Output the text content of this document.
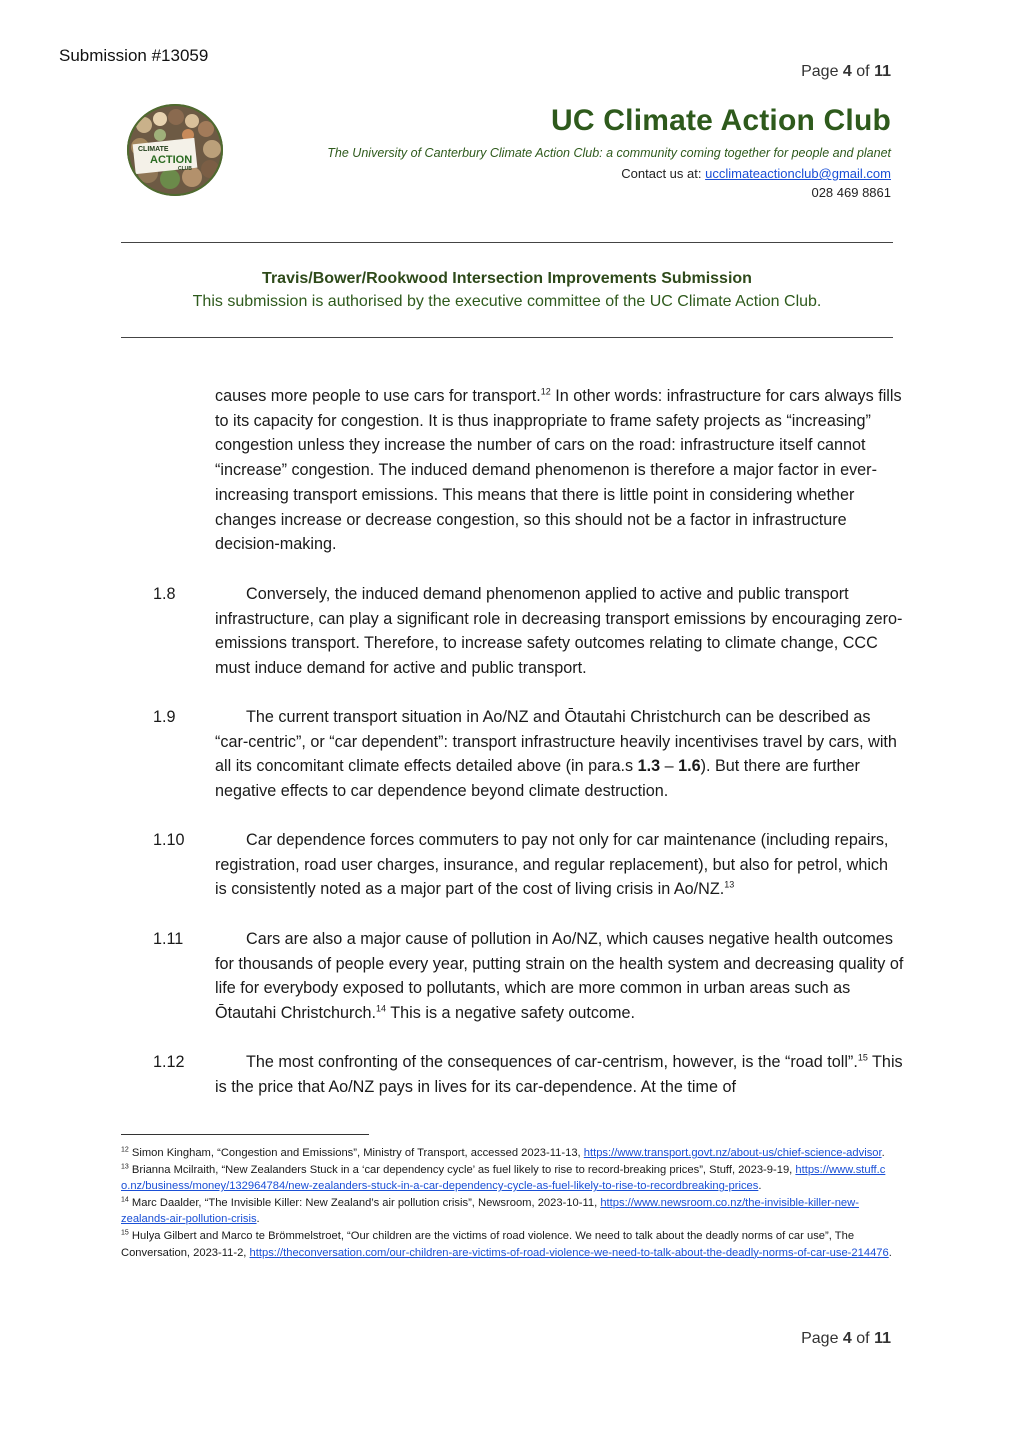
Submission #13059
Page 4 of 11
CLIMATE
ACTION
CLUB
UC Climate Action Club
The University of Canterbury Climate Action Club: a community coming together for people and planet
Contact us at: ucclimateactionclub@gmail.com
028 469 8861
Travis/Bower/Rookwood Intersection Improvements Submission
This submission is authorised by the executive committee of the UC Climate Action Club.
causes more people to use cars for transport.$^{12}$ In other words: infrastructure for cars always fills to its capacity for congestion. It is thus inappropriate to frame safety projects as “increasing” congestion unless they increase the number of cars on the road: infrastructure itself cannot “increase” congestion. The induced demand phenomenon is therefore a major factor in ever-increasing transport emissions. This means that there is little point in considering whether changes increase or decrease congestion, so this should not be a factor in infrastructure decision-making.
1.8	Conversely, the induced demand phenomenon applied to active and public transport infrastructure, can play a significant role in decreasing transport emissions by encouraging zero-emissions transport. Therefore, to increase safety outcomes relating to climate change, CCC must induce demand for active and public transport.
1.9	The current transport situation in Ao/NZ and Ōtautahi Christchurch can be described as “car-centric”, or “car dependent”: transport infrastructure heavily incentivises travel by cars, with all its concomitant climate effects detailed above (in para.s 1.3 – 1.6). But there are further negative effects to car dependence beyond climate destruction.
1.10	Car dependence forces commuters to pay not only for car maintenance (including repairs, registration, road user charges, insurance, and regular replacement), but also for petrol, which is consistently noted as a major part of the cost of living crisis in Ao/NZ.$^{13}$
1.11	Cars are also a major cause of pollution in Ao/NZ, which causes negative health outcomes for thousands of people every year, putting strain on the health system and decreasing quality of life for everybody exposed to pollutants, which are more common in urban areas such as Ōtautahi Christchurch.$^{14}$ This is a negative safety outcome.
1.12	The most confronting of the consequences of car-centrism, however, is the “road toll”.$^{15}$ This is the price that Ao/NZ pays in lives for its car-dependence. At the time of
$^{12}$ Simon Kingham, “Congestion and Emissions”, Ministry of Transport, accessed 2023-11-13, https://www.transport.govt.nz/about-us/chief-science-advisor.
$^{13}$ Brianna Mcilraith, “New Zealanders Stuck in a ‘car dependency cycle’ as fuel likely to rise to record-breaking prices”, Stuff, 2023-9-19, https://www.stuff.co.nz/business/money/132964784/new-zealanders-stuck-in-a-car-dependency-cycle-as-fuel-likely-to-rise-to-recordbreaking-prices.
$^{14}$ Marc Daalder, “The Invisible Killer: New Zealand’s air pollution crisis”, Newsroom, 2023-10-11, https://www.newsroom.co.nz/the-invisible-killer-new-zealands-air-pollution-crisis.
$^{15}$ Hulya Gilbert and Marco te Brömmelstroet, “Our children are the victims of road violence. We need to talk about the deadly norms of car use”, The Conversation, 2023-11-2, https://theconversation.com/our-children-are-victims-of-road-violence-we-need-to-talk-about-the-deadly-norms-of-car-use-214476.
Page 4 of 11
